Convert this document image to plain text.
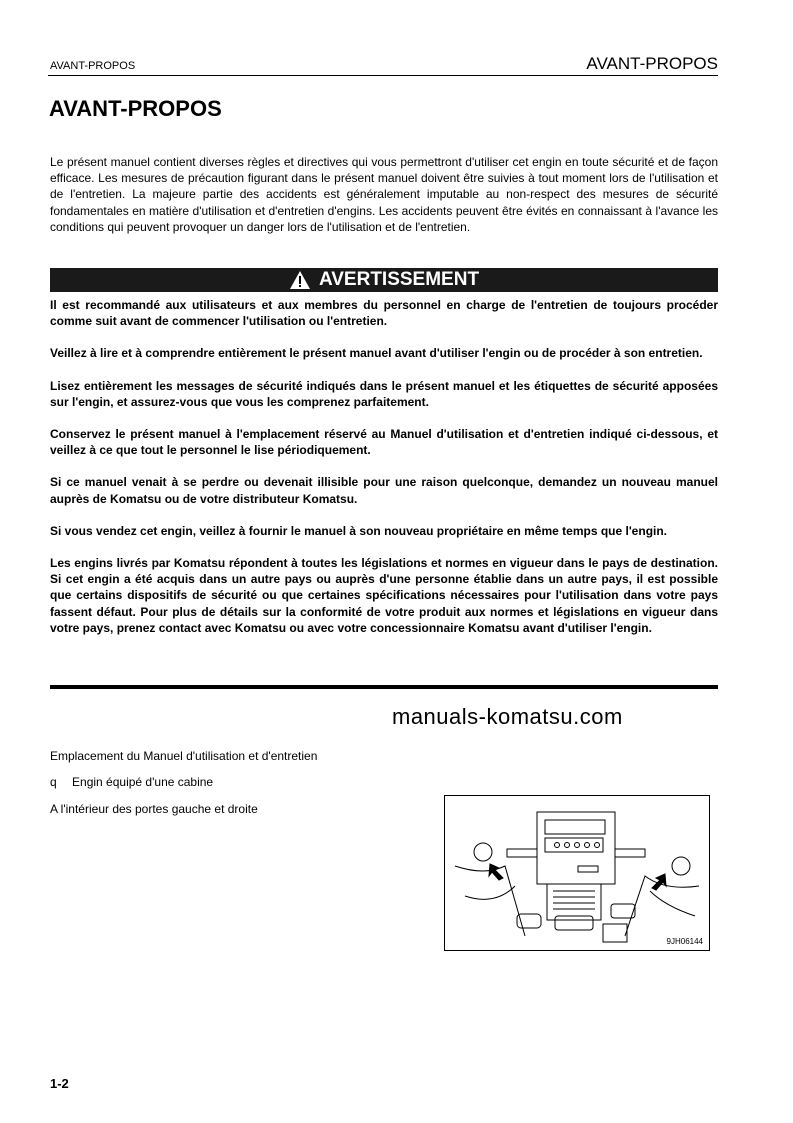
AVANT-PROPOS	AVANT-PROPOS
AVANT-PROPOS
Le présent manuel contient diverses règles et directives qui vous permettront d'utiliser cet engin en toute sécurité et de façon efficace. Les mesures de précaution figurant dans le présent manuel doivent être suivies à tout moment lors de l'utilisation et de l'entretien. La majeure partie des accidents est généralement imputable au non-respect des mesures de sécurité fondamentales en matière d'utilisation et d'entretien d'engins. Les accidents peuvent être évités en connaissant à l'avance les conditions qui peuvent provoquer un danger lors de l'utilisation et de l'entretien.
AVERTISSEMENT

Il est recommandé aux utilisateurs et aux membres du personnel en charge de l'entretien de toujours procéder comme suit avant de commencer l'utilisation ou l'entretien.

Veillez à lire et à comprendre entièrement le présent manuel avant d'utiliser l'engin ou de procéder à son entretien.

Lisez entièrement les messages de sécurité indiqués dans le présent manuel et les étiquettes de sécurité apposées sur l'engin, et assurez-vous que vous les comprenez parfaitement.

Conservez le présent manuel à l'emplacement réservé au Manuel d'utilisation et d'entretien indiqué ci-dessous, et veillez à ce que tout le personnel le lise périodiquement.

Si ce manuel venait à se perdre ou devenait illisible pour une raison quelconque, demandez un nouveau manuel auprès de Komatsu ou de votre distributeur Komatsu.

Si vous vendez cet engin, veillez à fournir le manuel à son nouveau propriétaire en même temps que l'engin.

Les engins livrés par Komatsu répondent à toutes les législations et normes en vigueur dans le pays de destination. Si cet engin a été acquis dans un autre pays ou auprès d'une personne établie dans un autre pays, il est possible que certains dispositifs de sécurité ou que certaines spécifications nécessaires pour l'utilisation dans votre pays fassent défaut. Pour plus de détails sur la conformité de votre produit aux normes et législations en vigueur dans votre pays, prenez contact avec Komatsu ou avec votre concessionnaire Komatsu avant d'utiliser l'engin.

manuals-komatsu.com
Emplacement du Manuel d'utilisation et d'entretien
q Engin équipé d'une cabine
A l'intérieur des portes gauche et droite
9JH06144
1-2
